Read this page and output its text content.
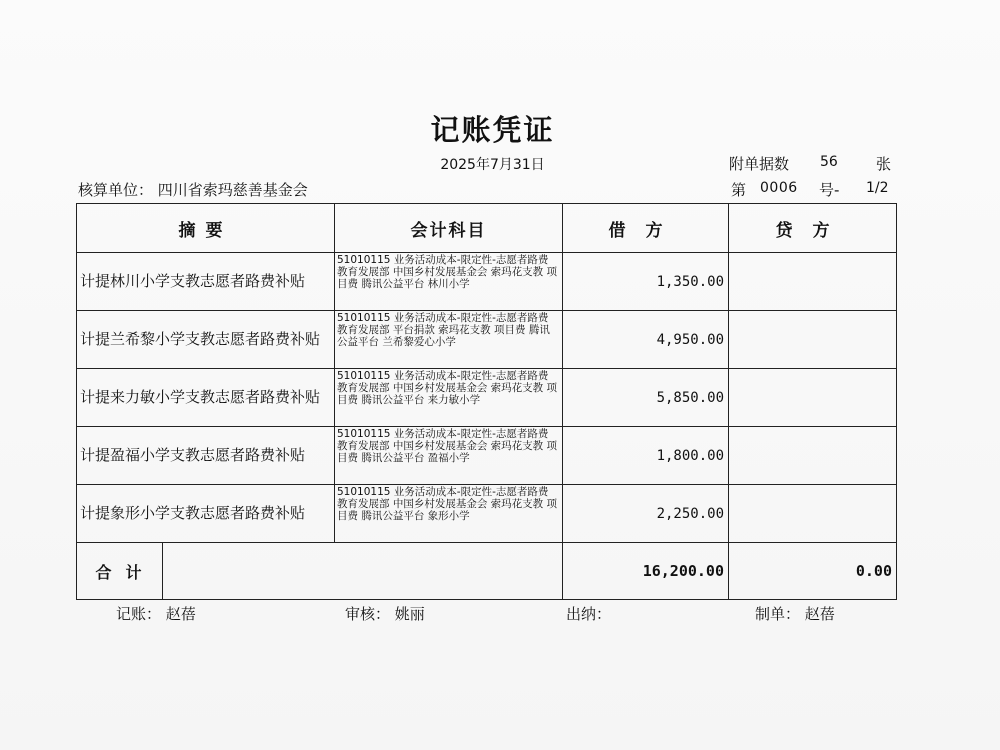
记账凭证
2025年7月31日
核算单位： 四川省索玛慈善基金会
附单据数 56	张
第 0006 号- 1/2
摘要	会计科目	借方	贷方
计提林川小学支教志愿者路费补贴	51010115 业务活动成本-限定性-志愿者路费 教育发展部 中国乡村发展基金会 索玛花支教 项目费 腾讯公益平台 林川小学	1,350.00	
计提兰希黎小学支教志愿者路费补贴	51010115 业务活动成本-限定性-志愿者路费 教育发展部 平台捐款 索玛花支教 项目费 腾讯公益平台 兰希黎爱心小学	4,950.00	
计提来力敏小学支教志愿者路费补贴	51010115 业务活动成本-限定性-志愿者路费 教育发展部 中国乡村发展基金会 索玛花支教 项目费 腾讯公益平台 来力敏小学	5,850.00	
计提盈福小学支教志愿者路费补贴	51010115 业务活动成本-限定性-志愿者路费 教育发展部 中国乡村发展基金会 索玛花支教 项目费 腾讯公益平台 盈福小学	1,800.00	
计提象形小学支教志愿者路费补贴	51010115 业务活动成本-限定性-志愿者路费 教育发展部 中国乡村发展基金会 索玛花支教 项目费 腾讯公益平台 象形小学	2,250.00	

合计		16,200.00	0.00
记账： 赵蓓	审核： 姚丽	出纳：	制单： 赵蓓
